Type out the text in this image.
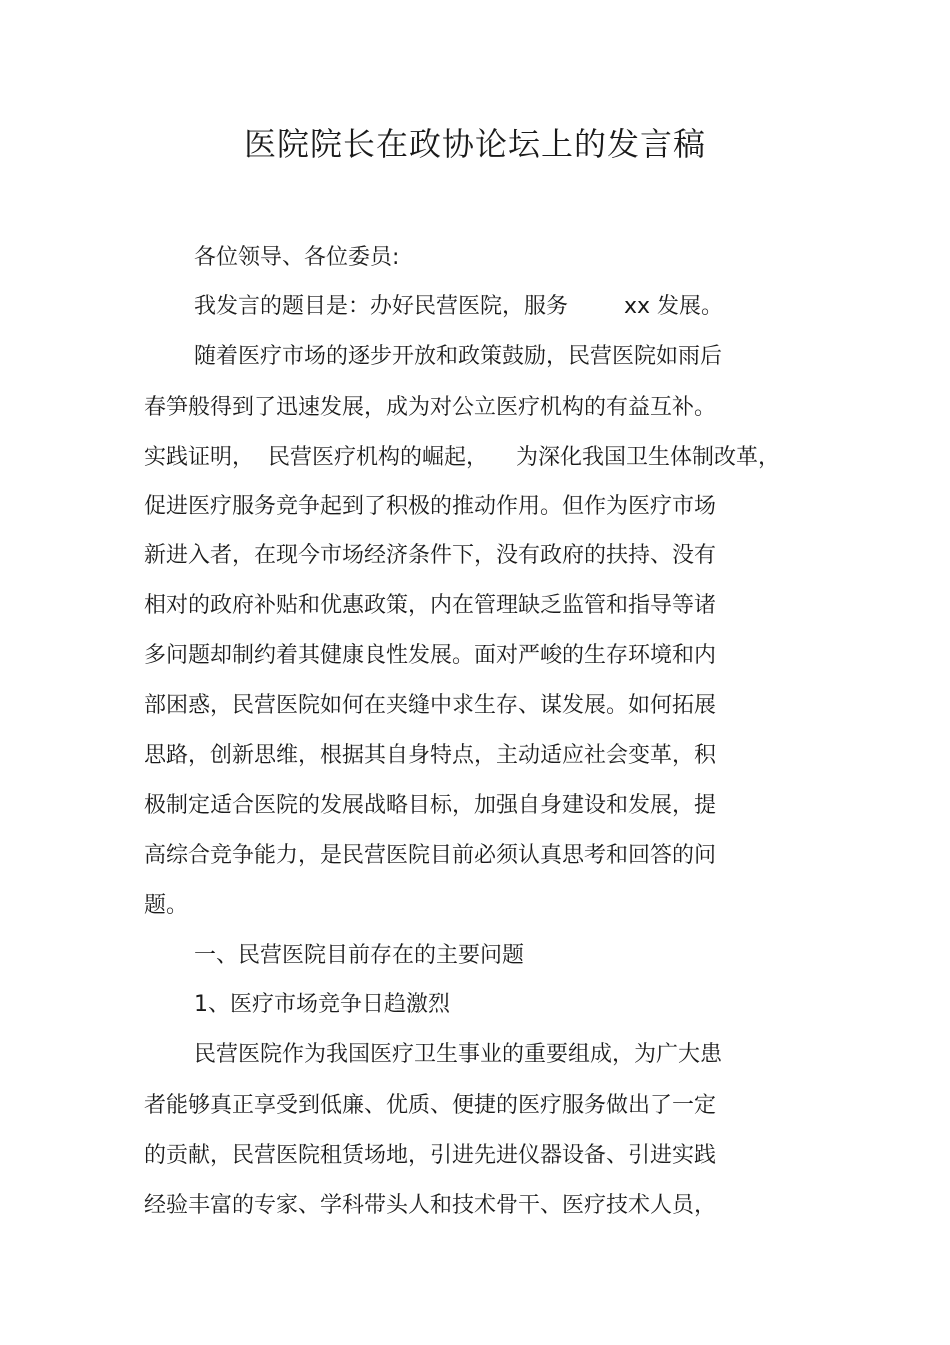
医院院长在政协论坛上的发言稿
各位领导、各位委员:
我发言的题目是：办好民营医院，服务        xx 发展。
随着医疗市场的逐步开放和政策鼓励，民营医院如雨后
春笋般得到了迅速发展，成为对公立医疗机构的有益互补。
实践证明，  民营医疗机构的崛起，    为深化我国卫生体制改革，
促进医疗服务竞争起到了积极的推动作用。但作为医疗市场
新进入者，在现今市场经济条件下，没有政府的扶持、没有
相对的政府补贴和优惠政策，内在管理缺乏监管和指导等诸
多问题却制约着其健康良性发展。面对严峻的生存环境和内
部困惑，民营医院如何在夹缝中求生存、谋发展。如何拓展
思路，创新思维，根据其自身特点，主动适应社会变革，积
极制定适合医院的发展战略目标，加强自身建设和发展，提
高综合竞争能力，是民营医院目前必须认真思考和回答的问
题。
一、民营医院目前存在的主要问题
1、医疗市场竞争日趋激烈
民营医院作为我国医疗卫生事业的重要组成，为广大患
者能够真正享受到低廉、优质、便捷的医疗服务做出了一定
的贡献，民营医院租赁场地，引进先进仪器设备、引进实践
经验丰富的专家、学科带头人和技术骨干、医疗技术人员，
